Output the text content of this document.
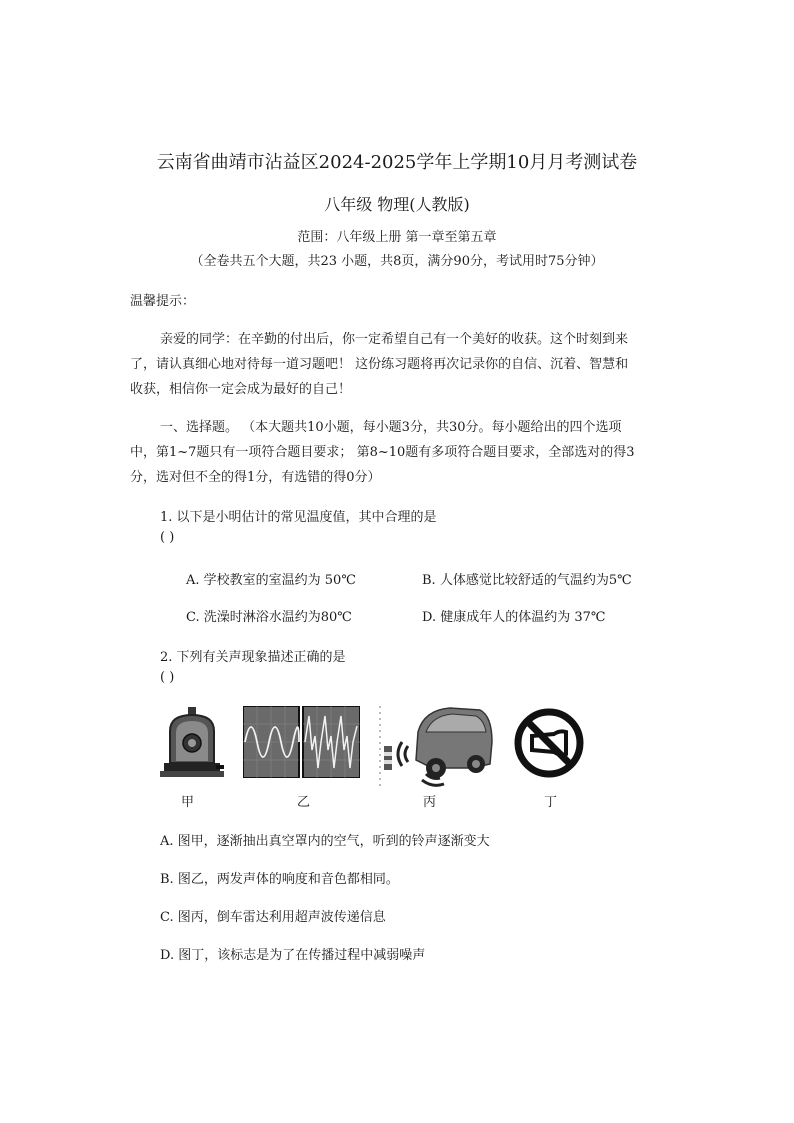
云南省曲靖市沾益区2024-2025学年上学期10月月考测试卷
八年级 物理(人教版)
范围：八年级上册 第一章至第五章
（全卷共五个大题，共23 小题，共8页，满分90分，考试用时75分钟）
温馨提示：
亲爱的同学：在辛勤的付出后，你一定希望自己有一个美好的收获。这个时刻到来
了，请认真细心地对待每一道习题吧！ 这份练习题将再次记录你的自信、沉着、智慧和
收获，相信你一定会成为最好的自己！
一、选择题。 （本大题共10小题，每小题3分，共30分。每小题给出的四个选项
中，第1~7题只有一项符合题目要求； 第8~10题有多项符合题目要求，全部选对的得3
分，选对但不全的得1分，有选错的得0分）
1. 以下是小明估计的常见温度值，其中合理的是
( )
A. 学校教室的室温约为 50℃	B. 人体感觉比较舒适的气温约为5℃
C. 洗澡时淋浴水温约为80℃	D. 健康成年人的体温约为 37℃
2. 下列有关声现象描述正确的是
( )
甲	乙	丙	丁
A. 图甲，逐渐抽出真空罩内的空气，听到的铃声逐渐变大
B. 图乙，两发声体的响度和音色都相同。
C. 图丙，倒车雷达利用超声波传递信息
D. 图丁，该标志是为了在传播过程中减弱噪声
